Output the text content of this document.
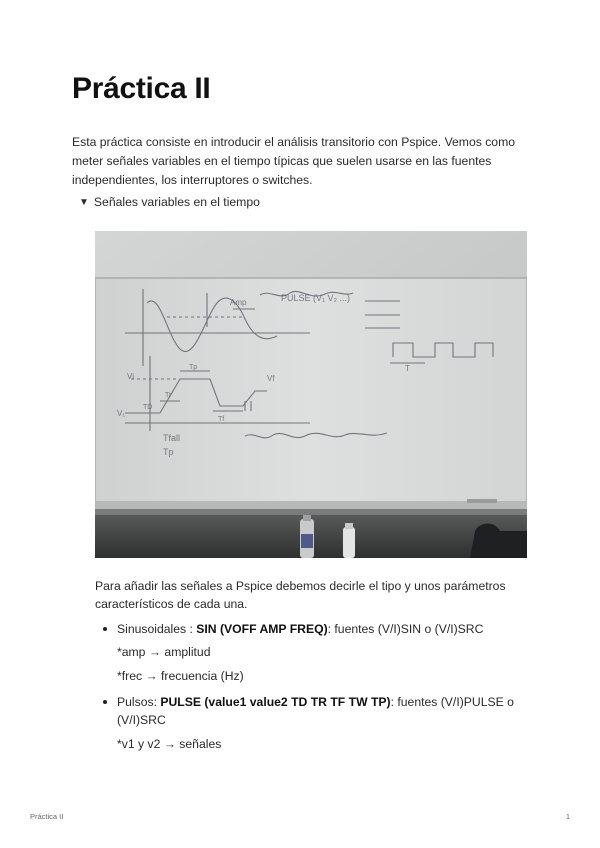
Práctica II

Esta práctica consiste en introducir el análisis transitorio con Pspice. Vemos como meter señales variables en el tiempo típicas que suelen usarse en las fuentes independientes, los interruptores o switches.

▼ Señales variables en el tiempo
Amp	PULSE (V₁ V₂ ...)
Vi
V₁
TD
Tr
Tp
Tf
T
Vf
Tfall
Tp

Para añadir las señales a Pspice debemos decirle el tipo y unos parámetros característicos de cada una.

Sinusoidales : SIN (VOFF AMP FREQ): fuentes (V/I)SIN o (V/I)SRC
*amp → amplitud
*frec → frecuencia (Hz)
Pulsos: PULSE (value1 value2 TD TR TF TW TP): fuentes (V/I)PULSE o (V/I)SRC
*v1 y v2 → señales
Práctica II	1
